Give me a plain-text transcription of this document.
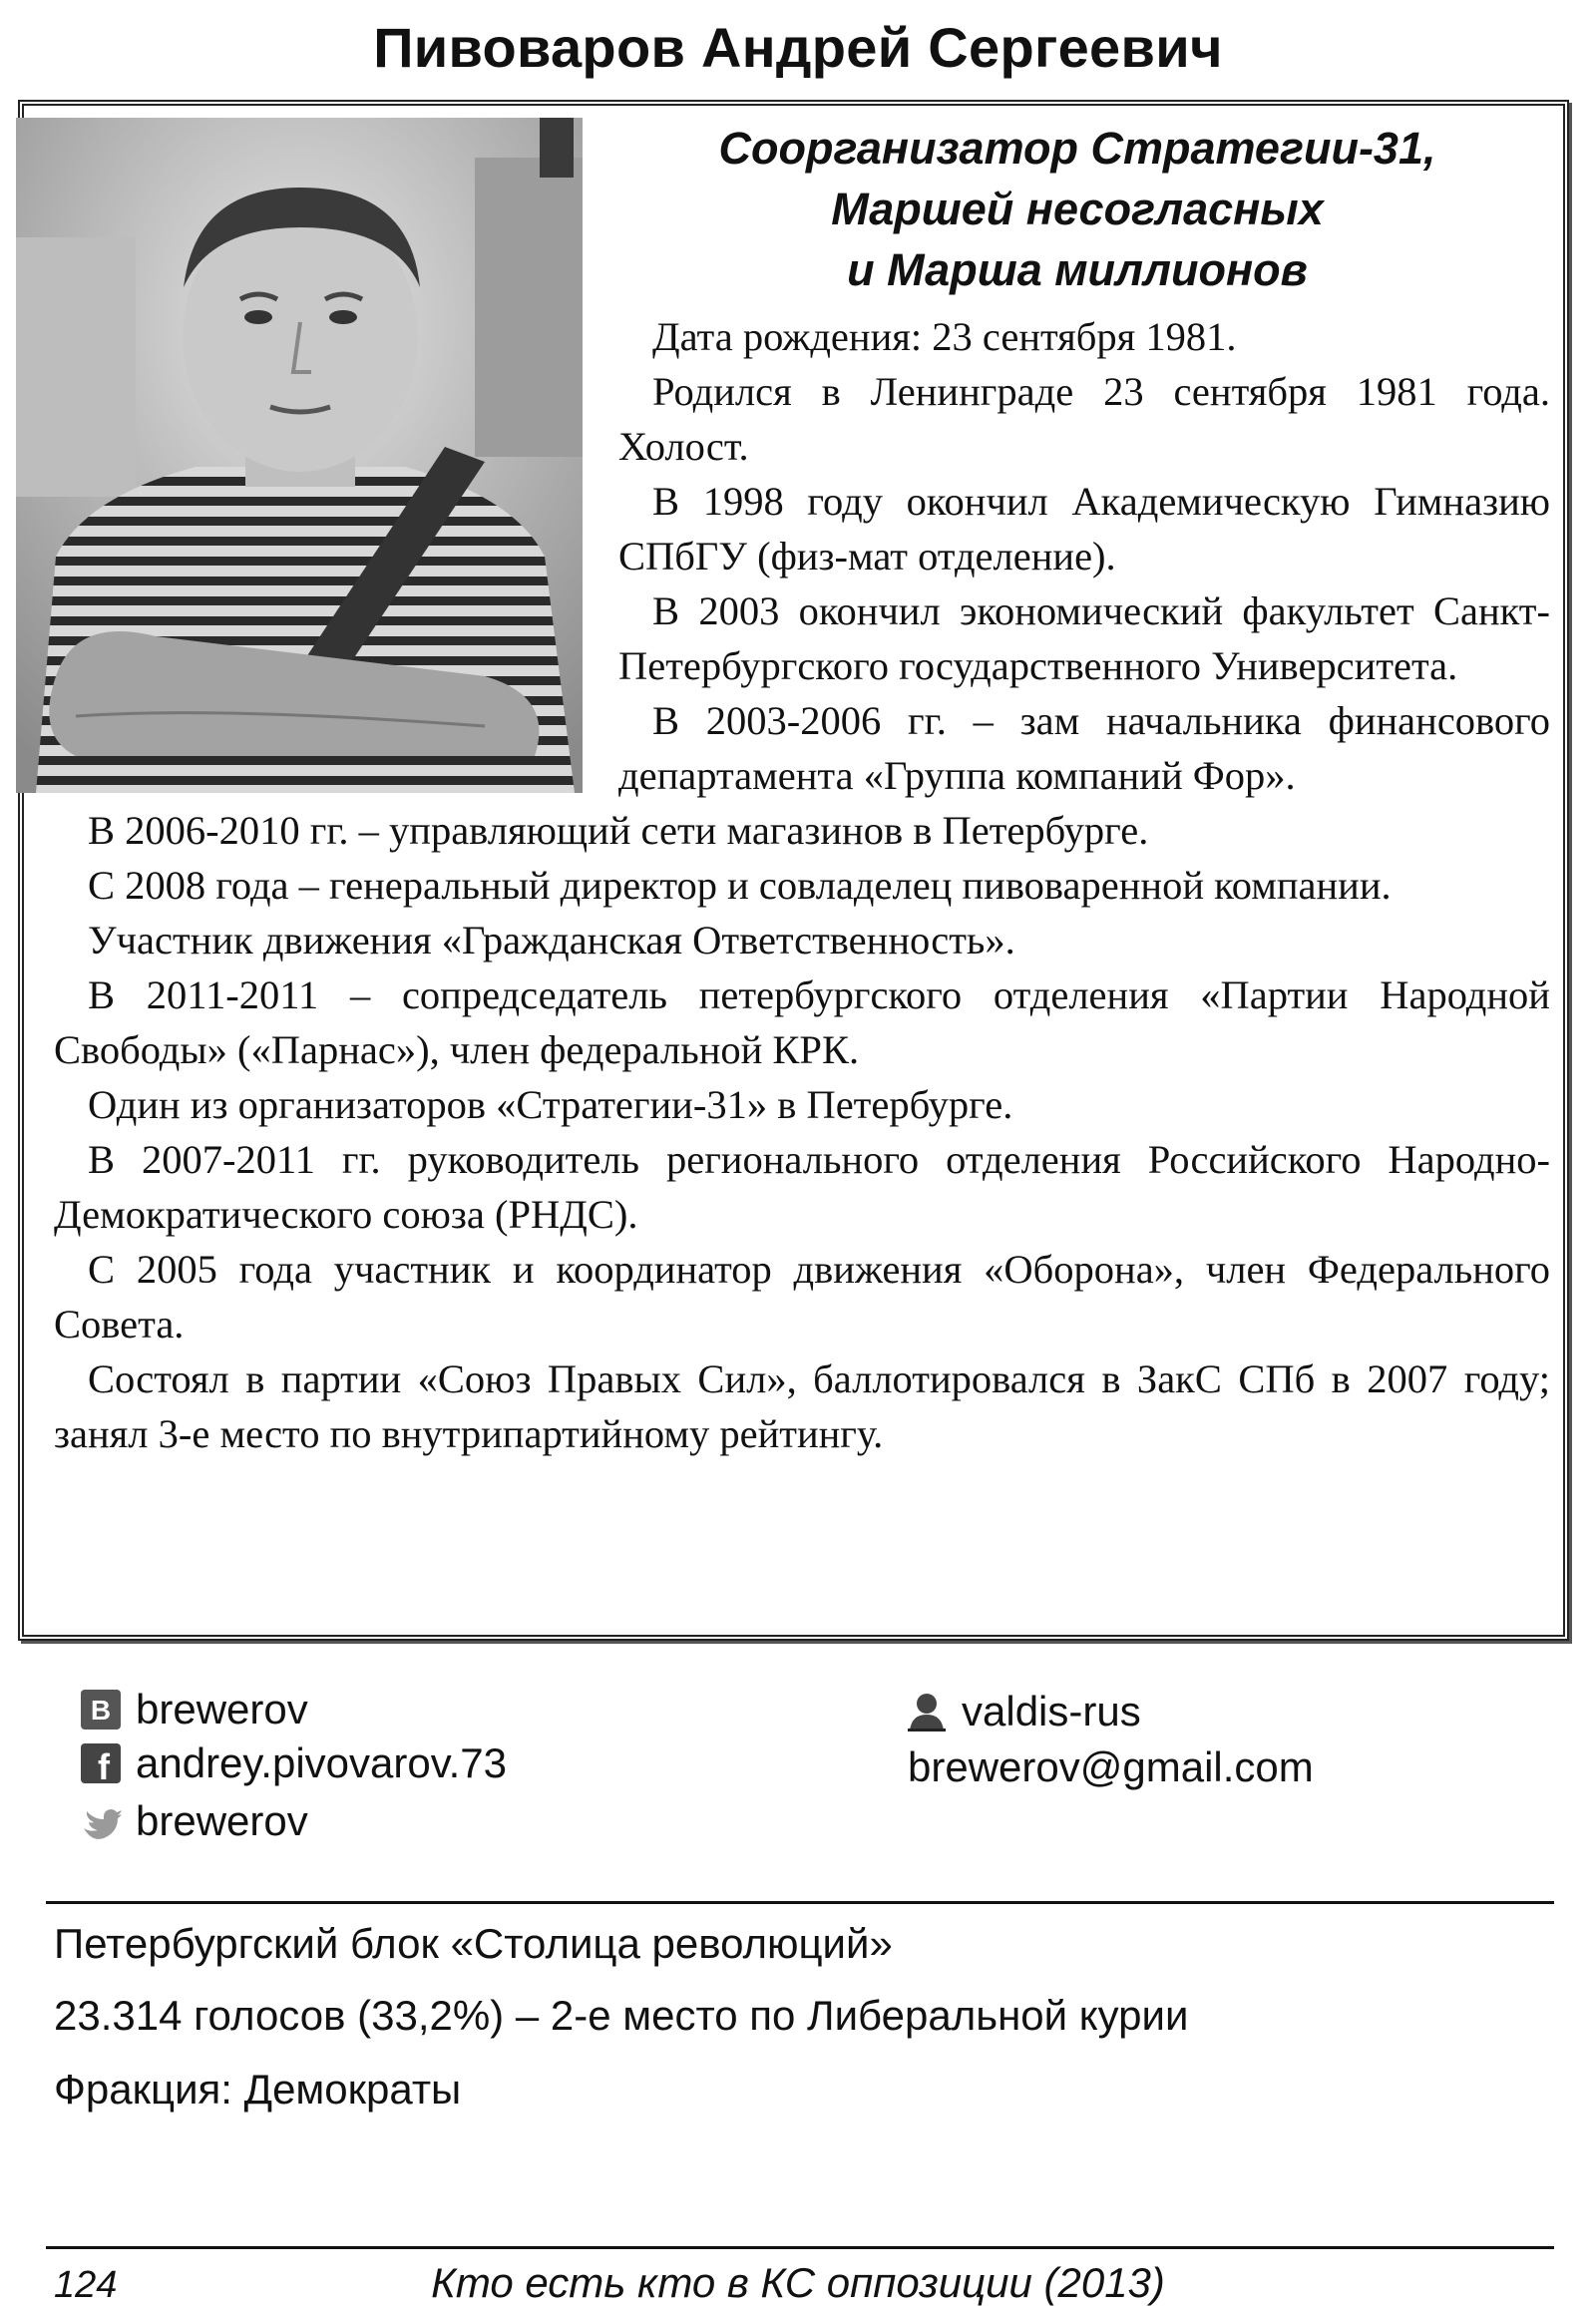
Пивоваров Андрей Сергеевич
Соорганизатор Стратегии-31,
Маршей несогласных
и Марша миллионов

Дата рождения: 23 сентября 1981.

Родился в Ленинграде 23 сентября 1981 года. Холост.

В 1998 году окончил Академическую Гимназию СПбГУ (физ-мат отделение).

В 2003 окончил экономический факультет Санкт-Петербургского государственного Университета.

В 2003-2006 гг. – зам начальника финансового департамента «Группа компаний Фор».

В 2006-2010 гг. – управляющий сети магазинов в Петербурге.

С 2008 года – генеральный директор и совладелец пивоваренной компании.

Участник движения «Гражданская Ответственность».

В 2011-2011 – сопредседатель петербургского отделения «Партии Народной Свободы» («Парнас»), член федеральной КРК.

Один из организаторов «Стратегии-31» в Петербурге.

В 2007-2011 гг. руководитель регионального отделения Российского Народно-Демократического союза (РНДС).

С 2005 года участник и координатор движения «Оборона», член Федерального Совета.

Состоял в партии «Союз Правых Сил», баллотировался в ЗакС СПб в 2007 году; занял 3-е место по внутрипартийному рейтингу.

B brewerov
f andrey.pivovarov.73
brewerov
valdis-rus
brewerov@gmail.com
Петербургский блок «Столица революций»
23.314 голосов (33,2%) – 2-е место по Либеральной курии
Фракция: Демократы
124	Кто есть кто в КС оппозиции (2013)
